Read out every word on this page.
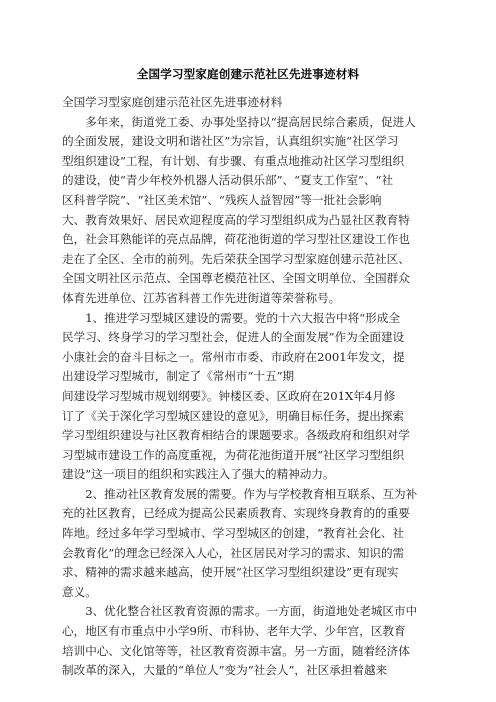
全国学习型家庭创建示范社区先进事迹材料
全国学习型家庭创建示范社区先进事迹材料
　　多年来，街道党工委、办事处坚持以“提高居民综合素质，促进人
的全面发展，建设文明和谐社区”为宗旨，认真组织实施“社区学习
型组织建设”工程，有计划、有步骤、有重点地推动社区学习型组织
的建设，使“青少年校外机器人活动俱乐部”、“夏支工作室”、“社
区科普学院”、“社区美术馆”、“残疾人益智园”等一批社会影响
大、教育效果好、居民欢迎程度高的学习型组织成为凸显社区教育特
色，社会耳熟能详的亮点品牌，荷花池街道的学习型社区建设工作也
走在了全区、全市的前列。先后荣获全国学习型家庭创建示范社区、
全国文明社区示范点、全国尊老模范社区、全国文明单位、全国群众
体育先进单位、江苏省科普工作先进街道等荣誉称号。
　　1、推进学习型城区建设的需要。党的十六大报告中将“形成全
民学习、终身学习的学习型社会，促进人的全面发展”作为全面建设
小康社会的奋斗目标之一。常州市市委、市政府在2001年发文，提
出建设学习型城市，制定了《常州市“十五”期
间建设学习型城市规划纲要》。钟楼区委、区政府在201X年4月修
订了《关于深化学习型城区建设的意见》，明确目标任务，提出探索
学习型组织建设与社区教育相结合的课题要求。各级政府和组织对学
习型城市建设工作的高度重视，为荷花池街道开展“社区学习型组织
建设”这一项目的组织和实践注入了强大的精神动力。
　　2、推动社区教育发展的需要。作为与学校教育相互联系、互为补
充的社区教育，已经成为提高公民素质教育、实现终身教育的的重要
阵地。经过多年学习型城市、学习型城区的创建，“教育社会化、社
会教育化”的理念已经深入人心，社区居民对学习的需求、知识的需
求、精神的需求越来越高，使开展“社区学习型组织建设”更有现实
意义。
　　3、优化整合社区教育资源的需求。一方面，街道地处老城区市中
心，地区有市重点中小学9所、市科协、老年大学、少年宫，区教育
培训中心、文化馆等等，社区教育资源丰富。另一方面，随着经济体
制改革的深入，大量的“单位人”变为“社会人”，社区承担着越来
